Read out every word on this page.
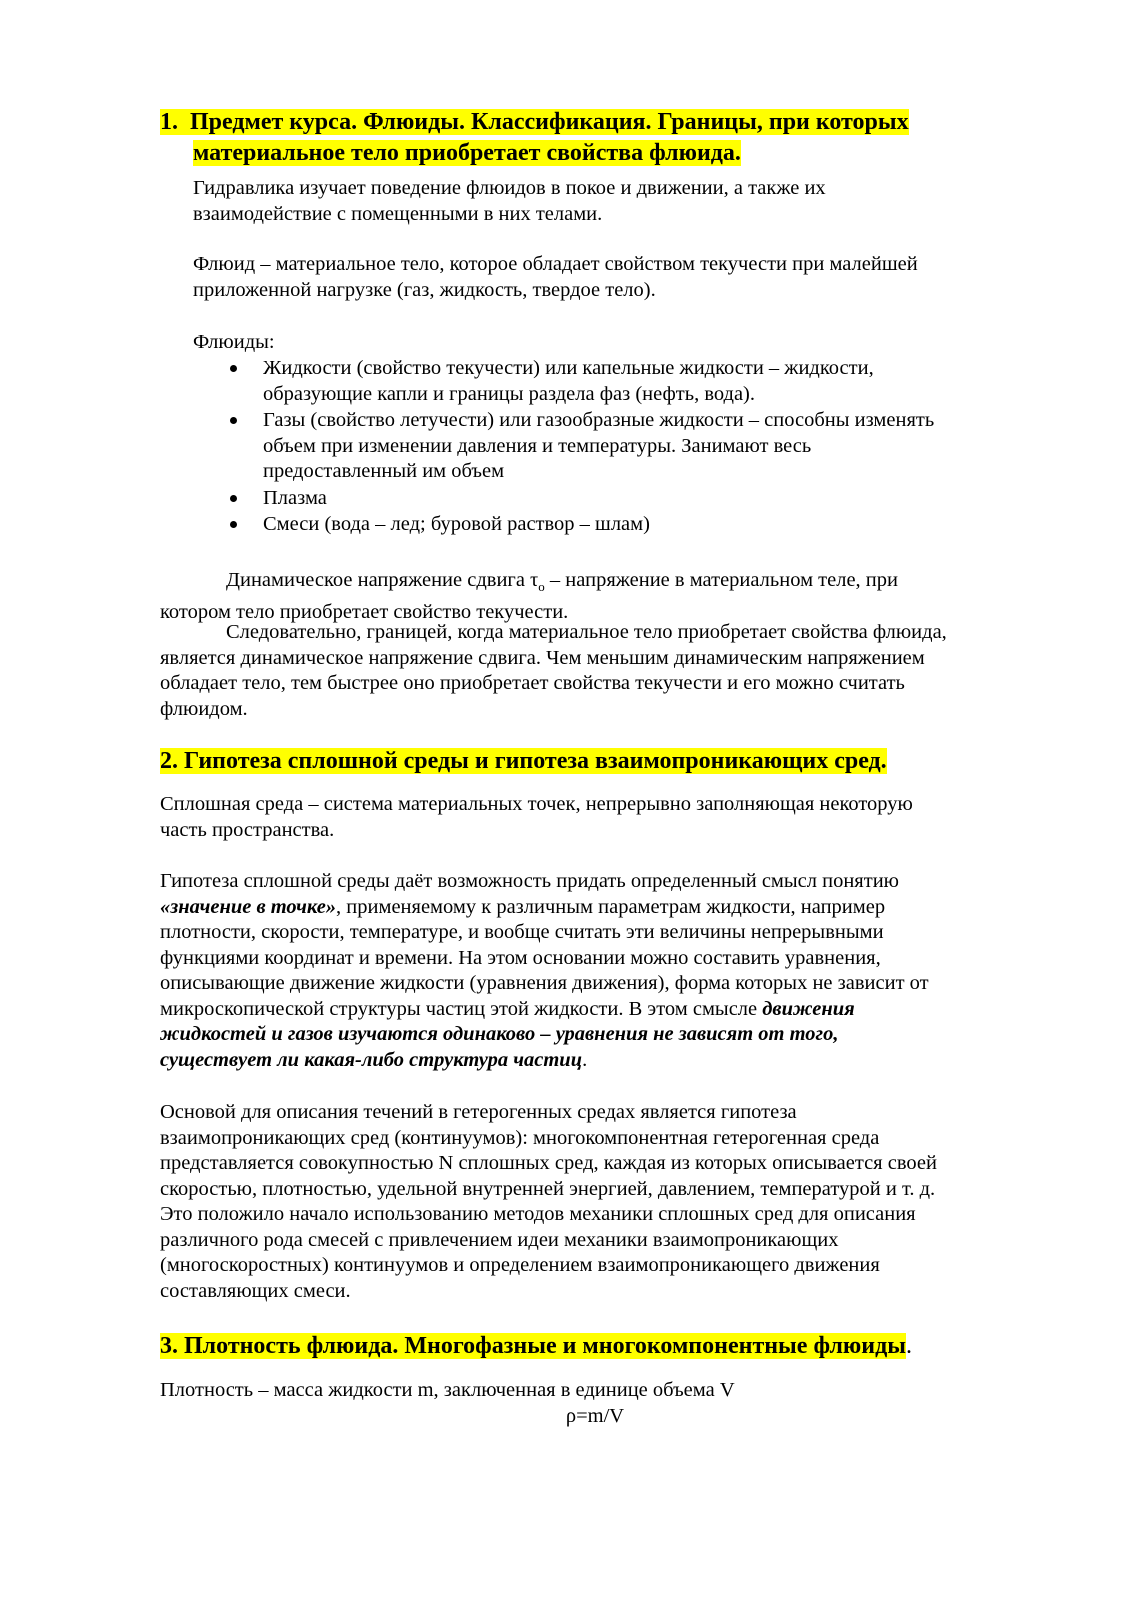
1. Предмет курса. Флюиды. Классификация. Границы, при которых
материальное тело приобретает свойства флюида.

Гидравлика изучает поведение флюидов в покое и движении, а также их

взаимодействие с помещенными в них телами.

Флюид – материальное тело, которое обладает свойством текучести при малейшей

приложенной нагрузке (газ, жидкость, твердое тело).

Флюиды:

Жидкости (свойство текучести) или капельные жидкости – жидкости,

образующие капли и границы раздела фаз (нефть, вода).

Газы (свойство летучести) или газообразные жидкости – способны изменять

объем при изменении давления и температуры. Занимают весь

предоставленный им объем

Плазма

Смеси (вода – лед; буровой раствор – шлам)

Динамическое напряжение сдвига $\tau_о$ – напряжение в материальном теле, при

котором тело приобретает свойство текучести.

Следовательно, границей, когда материальное тело приобретает свойства флюида,

является динамическое напряжение сдвига. Чем меньшим динамическим напряжением

обладает тело, тем быстрее оно приобретает свойства текучести и его можно считать

флюидом.

2. Гипотеза сплошной среды и гипотеза взаимопроникающих сред.

Сплошная среда – система материальных точек, непрерывно заполняющая некоторую

часть пространства.

Гипотеза сплошной среды даёт возможность придать определенный смысл понятию

«значение в точке», применяемому к различным параметрам жидкости, например

плотности, скорости, температуре, и вообще считать эти величины непрерывными

функциями координат и времени. На этом основании можно составить уравнения,

описывающие движение жидкости (уравнения движения), форма которых не зависит от

микроскопической структуры частиц этой жидкости. В этом смысле движения

жидкостей и газов изучаются одинаково – уравнения не зависят от того,

существует ли какая-либо структура частиц.

Основой для описания течений в гетерогенных средах является гипотеза

взаимопроникающих сред (континуумов): многокомпонентная гетерогенная среда

представляется совокупностью N сплошных сред, каждая из которых описывается своей

скоростью, плотностью, удельной внутренней энергией, давлением, температурой и т. д.

Это положило начало использованию методов механики сплошных сред для описания

различного рода смесей с привлечением идеи механики взаимопроникающих

(многоскоростных) континуумов и определением взаимопроникающего движения

составляющих смеси.

3. Плотность флюида. Многофазные и многокомпонентные флюиды.
Плотность – масса жидкости m, заключенная в единице объема V
ρ=m/V
